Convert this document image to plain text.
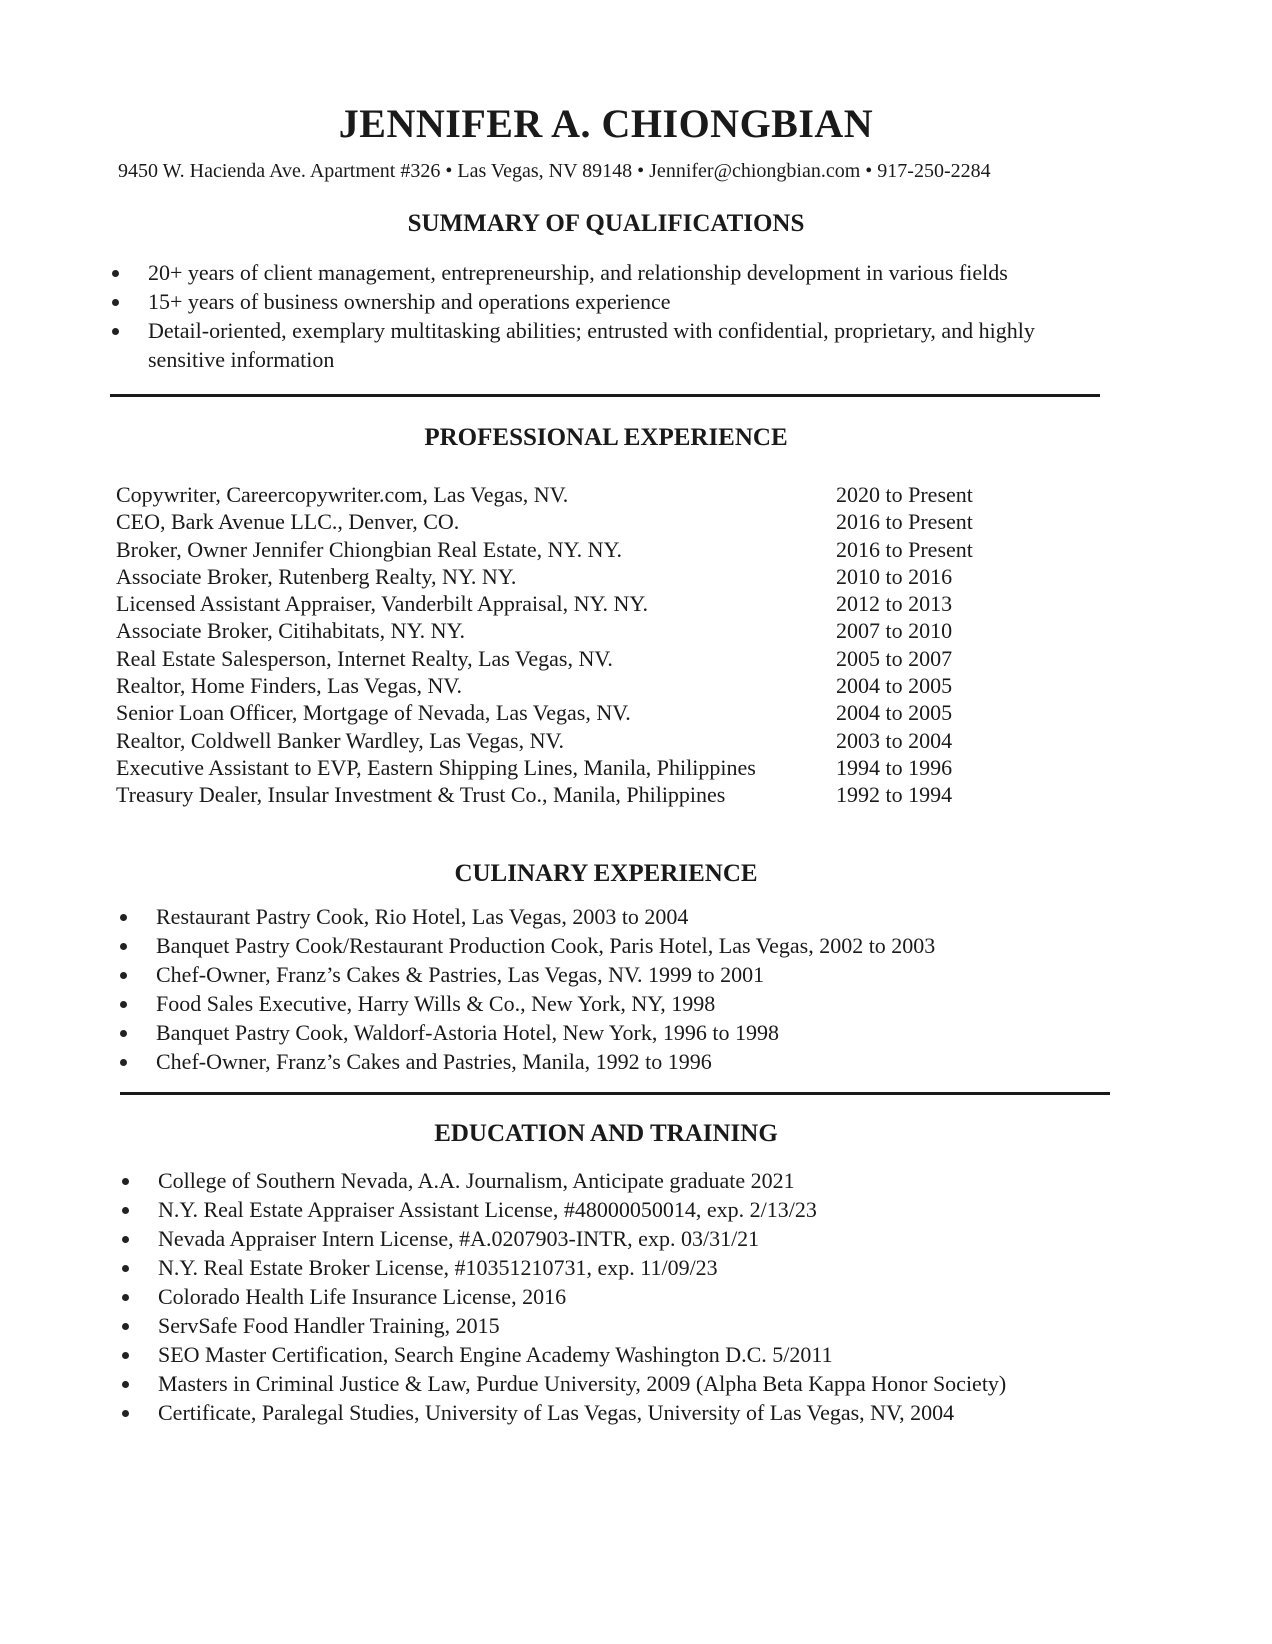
JENNIFER A. CHIONGBIAN
9450 W. Hacienda Ave. Apartment #326 • Las Vegas, NV 89148 • Jennifer@chiongbian.com • 917-250-2284
SUMMARY OF QUALIFICATIONS
20+ years of client management, entrepreneurship, and relationship development in various fields
15+ years of business ownership and operations experience
Detail-oriented, exemplary multitasking abilities; entrusted with confidential, proprietary, and highly sensitive information
PROFESSIONAL EXPERIENCE
Copywriter, Careercopywriter.com, Las Vegas, NV.	2020 to Present
CEO, Bark Avenue LLC., Denver, CO.	2016 to Present
Broker, Owner Jennifer Chiongbian Real Estate, NY. NY.	2016 to Present
Associate Broker, Rutenberg Realty, NY. NY.	2010 to 2016
Licensed Assistant Appraiser, Vanderbilt Appraisal, NY. NY.	2012 to 2013
Associate Broker, Citihabitats, NY. NY.	2007 to 2010
Real Estate Salesperson, Internet Realty, Las Vegas, NV.	2005 to 2007
Realtor, Home Finders, Las Vegas, NV.	2004 to 2005
Senior Loan Officer, Mortgage of Nevada, Las Vegas, NV.	2004 to 2005
Realtor, Coldwell Banker Wardley, Las Vegas, NV.	2003 to 2004
Executive Assistant to EVP, Eastern Shipping Lines, Manila, Philippines	1994 to 1996
Treasury Dealer, Insular Investment & Trust Co., Manila, Philippines	1992 to 1994
CULINARY EXPERIENCE
Restaurant Pastry Cook, Rio Hotel, Las Vegas, 2003 to 2004
Banquet Pastry Cook/Restaurant Production Cook, Paris Hotel, Las Vegas, 2002 to 2003
Chef-Owner, Franz’s Cakes & Pastries, Las Vegas, NV. 1999 to 2001
Food Sales Executive, Harry Wills & Co., New York, NY, 1998
Banquet Pastry Cook, Waldorf-Astoria Hotel, New York, 1996 to 1998
Chef-Owner, Franz’s Cakes and Pastries, Manila, 1992 to 1996
EDUCATION AND TRAINING
College of Southern Nevada, A.A. Journalism, Anticipate graduate 2021
N.Y. Real Estate Appraiser Assistant License, #48000050014, exp. 2/13/23
Nevada Appraiser Intern License, #A.0207903-INTR, exp. 03/31/21
N.Y. Real Estate Broker License, #10351210731, exp. 11/09/23
Colorado Health Life Insurance License, 2016
ServSafe Food Handler Training, 2015
SEO Master Certification, Search Engine Academy Washington D.C. 5/2011
Masters in Criminal Justice & Law, Purdue University, 2009 (Alpha Beta Kappa Honor Society)
Certificate, Paralegal Studies, University of Las Vegas, University of Las Vegas, NV, 2004
